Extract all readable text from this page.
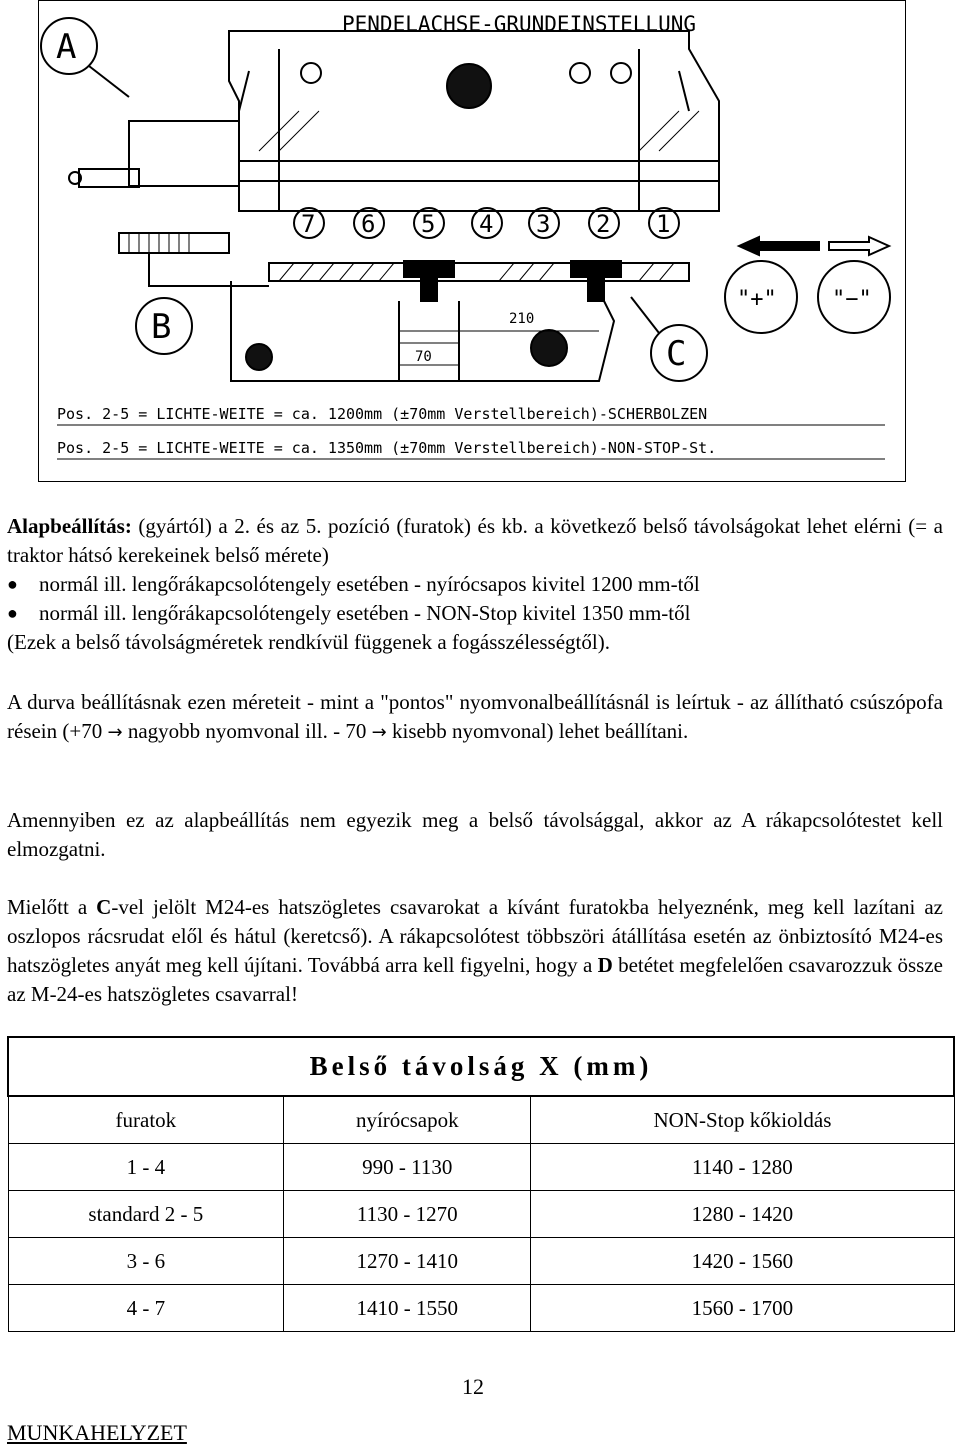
PENDELACHSE-GRUNDEINSTELLUNG
A
7 6 5 4 3 2 1
210
70
B
C
"+"	"−"
Pos. 2-5 = LICHTE-WEITE = ca. 1200mm (±70mm Verstellbereich)-SCHERBOLZEN
Pos. 2-5 = LICHTE-WEITE = ca. 1350mm (±70mm Verstellbereich)-NON-STOP-St.

Alapbeállítás: (gyártól) a 2. és az 5. pozíció (furatok) és kb. a következő belső távolságokat lehet elérni (= a traktor hátsó kerekeinek belső mérete)

● normál ill. lengőrákapcsolótengely esetében - nyírócsapos kivitel 1200 mm-től
● normál ill. lengőrákapcsolótengely esetében - NON-Stop kivitel 1350 mm-től

(Ezek a belső távolságméretek rendkívül függenek a fogásszélességtől).

A durva beállításnak ezen méreteit - mint a "pontos" nyomvonalbeállításnál is leírtuk - az állítható csúszópofa résein (+70 → nagyobb nyomvonal ill. - 70 → kisebb nyomvonal) lehet beállítani.

Amennyiben ez az alapbeállítás nem egyezik meg a belső távolsággal, akkor az A rákapcsolótestet kell elmozgatni.

Mielőtt a C-vel jelölt M24-es hatszögletes csavarokat a kívánt furatokba helyeznénk, meg kell lazítani az oszlopos rácsrudat elől és hátul (keretcső). A rákapcsolótest többszöri átállítása esetén az önbiztosító M24-es hatszögletes anyát meg kell újítani. Továbbá arra kell figyelni, hogy a D betétet megfelelően csavarozzuk össze az M-24-es hatszögletes csavarral!

Belső távolság X (mm)		
furatok	nyírócsapok	NON-Stop kőkioldás
1 - 4	990 - 1130	1140 - 1280
standard 2 - 5	1130 - 1270	1280 - 1420
3 - 6	1270 - 1410	1420 - 1560
4 - 7	1410 - 1550	1560 - 1700
12
MUNKAHELYZET
